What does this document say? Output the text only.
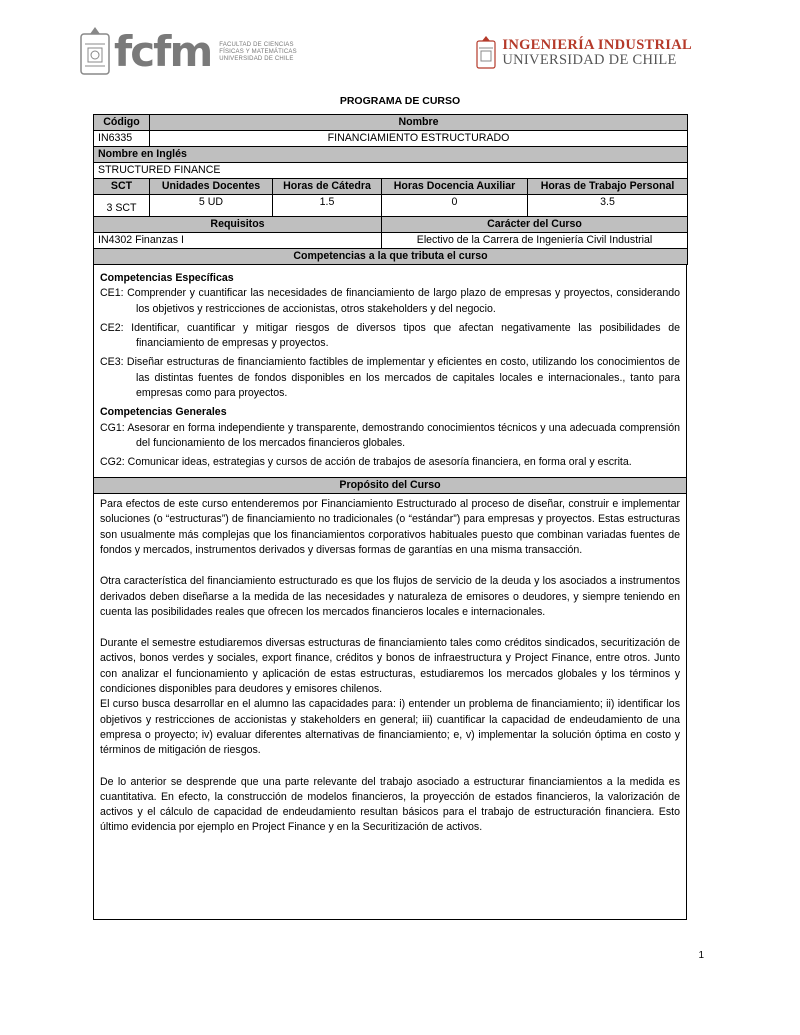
fcfm FACULTAD DE CIENCIAS
FÍSICAS Y MATEMÁTICAS
UNIVERSIDAD DE CHILE
INGENIERÍA INDUSTRIAL
UNIVERSIDAD DE CHILE
PROGRAMA DE CURSO
Código	Nombre			
IN6335	FINANCIAMIENTO ESTRUCTURADO			
Nombre en Inglés				
STRUCTURED FINANCE				
SCT	Unidades Docentes	Horas de Cátedra	Horas Docencia Auxiliar	Horas de Trabajo Personal
3 SCT	5 UD	1.5	0	3.5
Requisitos			Carácter del Curso	
IN4302 Finanzas I			Electivo de la Carrera de Ingeniería Civil Industrial	
Competencias a la que tributa el curso				

Competencias Específicas

CE1: Comprender y cuantificar las necesidades de financiamiento de largo plazo de empresas y proyectos, considerando los objetivos y restricciones de accionistas, otros stakeholders y del negocio.

CE2: Identificar, cuantificar y mitigar riesgos de diversos tipos que afectan negativamente las posibilidades de financiamiento de empresas y proyectos.

CE3: Diseñar estructuras de financiamiento factibles de implementar y eficientes en costo, utilizando los conocimientos de las distintas fuentes de fondos disponibles en los mercados de capitales locales e internacionales., tanto para empresas como para proyectos.

Competencias Generales

CG1: Asesorar en forma independiente y transparente, demostrando conocimientos técnicos y una adecuada comprensión del funcionamiento de los mercados financieros globales.

CG2: Comunicar ideas, estrategias y cursos de acción de trabajos de asesoría financiera, en forma oral y escrita.

Propósito del Curso

Para efectos de este curso entenderemos por Financiamiento Estructurado al proceso de diseñar, construir e implementar soluciones (o “estructuras”) de financiamiento no tradicionales (o “estándar”) para empresas y proyectos. Estas estructuras son usualmente más complejas que los financiamientos corporativos habituales puesto que combinan variadas fuentes de fondos y mercados, instrumentos derivados y diversas formas de garantías en una misma transacción.

Otra característica del financiamiento estructurado es que los flujos de servicio de la deuda y los asociados a instrumentos derivados deben diseñarse a la medida de las necesidades y naturaleza de emisores o deudores, y siempre teniendo en cuenta las posibilidades reales que ofrecen los mercados financieros locales e internacionales.

Durante el semestre estudiaremos diversas estructuras de financiamiento tales como créditos sindicados, securitización de activos, bonos verdes y sociales, export finance, créditos y bonos de infraestructura y Project Finance, entre otros. Junto con analizar el funcionamiento y aplicación de estas estructuras, estudiaremos los mercados globales y los términos y condiciones disponibles para deudores y emisores chilenos.

El curso busca desarrollar en el alumno las capacidades para: i) entender un problema de financiamiento; ii) identificar los objetivos y restricciones de accionistas y stakeholders en general; iii) cuantificar la capacidad de endeudamiento de una empresa o proyecto; iv) evaluar diferentes alternativas de financiamiento; e, v) implementar la solución óptima en costo y términos de mitigación de riesgos.

De lo anterior se desprende que una parte relevante del trabajo asociado a estructurar financiamientos a la medida es cuantitativa. En efecto, la construcción de modelos financieros, la proyección de estados financieros, la valorización de activos y el cálculo de capacidad de endeudamiento resultan básicos para el trabajo de estructuración financiera. Esto último evidencia por ejemplo en Project Finance y en la Securitización de activos.

1
